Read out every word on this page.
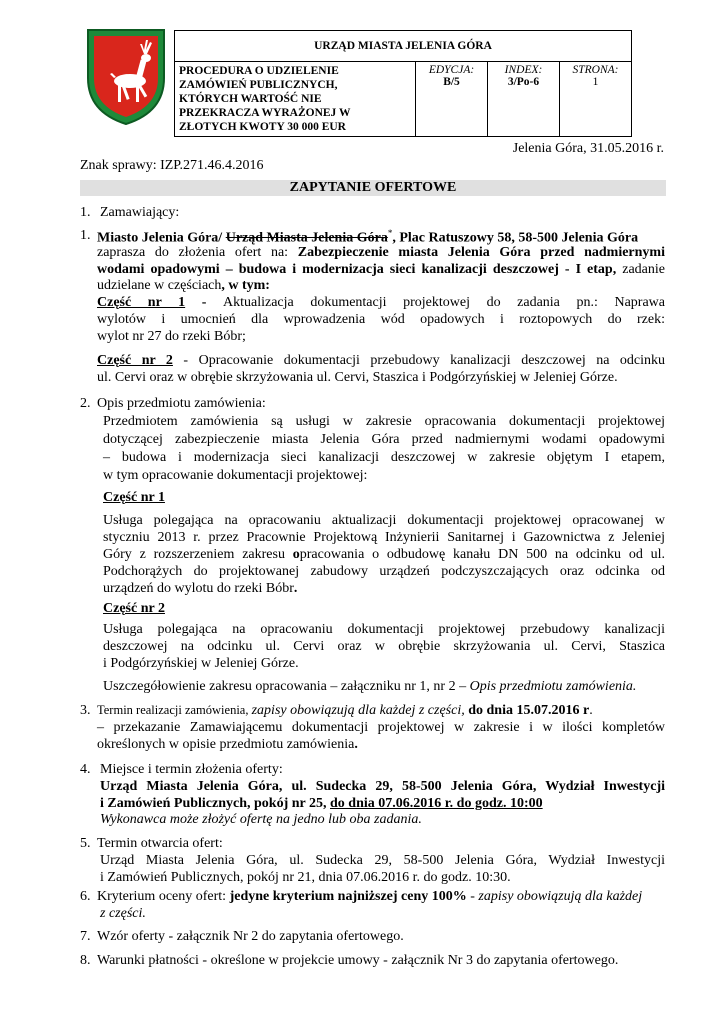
URZĄD MIASTA JELENIA GÓRA

PROCEDURA O UDZIELENIE
ZAMÓWIEŃ PUBLICZNYCH,
KTÓRYCH WARTOŚĆ NIE
PRZEKRACZA WYRAŻONEJ W
ZŁOTYCH KWOTY 30 000 EUR

EDYCJA:
B/5

INDEX:
3/Po-6

STRONA:
1
Jelenia Góra, 31.05.2016 r.
Znak sprawy: IZP.271.46.4.2016
ZAPYTANIE OFERTOWE
1. Zamawiający:
1. Miasto Jelenia Góra/ Urząd Miasta Jelenia Góra*, Plac Ratuszowy 58, 58-500 Jelenia Góra
zaprasza do złożenia ofert na: Zabezpieczenie miasta Jelenia Góra przed nadmiernymi
wodami opadowymi – budowa i modernizacja sieci kanalizacji deszczowej - I etap, zadanie
udzielane w częściach, w tym:
Część nr 1 - Aktualizacja dokumentacji projektowej do zadania pn.: Naprawa
wylotów i umocnień dla wprowadzenia wód opadowych i roztopowych do rzek:
wylot nr 27 do rzeki Bóbr;
Część nr 2 - Opracowanie dokumentacji przebudowy kanalizacji deszczowej na odcinku
ul. Cervi oraz w obrębie skrzyżowania ul. Cervi, Staszica i Podgórzyńskiej w Jeleniej Górze.
2. Opis przedmiotu zamówienia:
Przedmiotem zamówienia są usługi w zakresie opracowania dokumentacji projektowej
dotyczącej zabezpieczenie miasta Jelenia Góra przed nadmiernymi wodami opadowymi
– budowa i modernizacja sieci kanalizacji deszczowej w zakresie objętym I etapem,
w tym opracowanie dokumentacji projektowej:
Część nr 1
Usługa polegająca na opracowaniu aktualizacji dokumentacji projektowej opracowanej w
styczniu 2013 r. przez Pracownie Projektową Inżynierii Sanitarnej i Gazownictwa z Jeleniej
Góry z rozszerzeniem zakresu opracowania o odbudowę kanału DN 500 na odcinku od ul.
Podchorążych do projektowanej zabudowy urządzeń podczyszczających oraz odcinka od
urządzeń do wylotu do rzeki Bóbr.
Część nr 2
Usługa polegająca na opracowaniu dokumentacji projektowej przebudowy kanalizacji
deszczowej na odcinku ul. Cervi oraz w obrębie skrzyżowania ul. Cervi, Staszica
i Podgórzyńskiej w Jeleniej Górze.
Uszczegółowienie zakresu opracowania – załączniku nr 1, nr 2 – Opis przedmiotu zamówienia.
3. Termin realizacji zamówienia, zapisy obowiązują dla każdej z części, do dnia 15.07.2016 r.
– przekazanie Zamawiającemu dokumentacji projektowej w zakresie i w ilości kompletów
określonych w opisie przedmiotu zamówienia.
4. Miejsce i termin złożenia oferty:
Urząd Miasta Jelenia Góra, ul. Sudecka 29, 58-500 Jelenia Góra, Wydział Inwestycji
i Zamówień Publicznych, pokój nr 25, do dnia 07.06.2016 r. do godz. 10:00
Wykonawca może złożyć ofertę na jedno lub oba zadania.
5. Termin otwarcia ofert:
Urząd Miasta Jelenia Góra, ul. Sudecka 29, 58-500 Jelenia Góra, Wydział Inwestycji
i Zamówień Publicznych, pokój nr 21, dnia 07.06.2016 r. do godz. 10:30.
6. Kryterium oceny ofert: jedyne kryterium najniższej ceny 100% - zapisy obowiązują dla każdej
z części.
7. Wzór oferty - załącznik Nr 2 do zapytania ofertowego.
8. Warunki płatności - określone w projekcie umowy - załącznik Nr 3 do zapytania ofertowego.
